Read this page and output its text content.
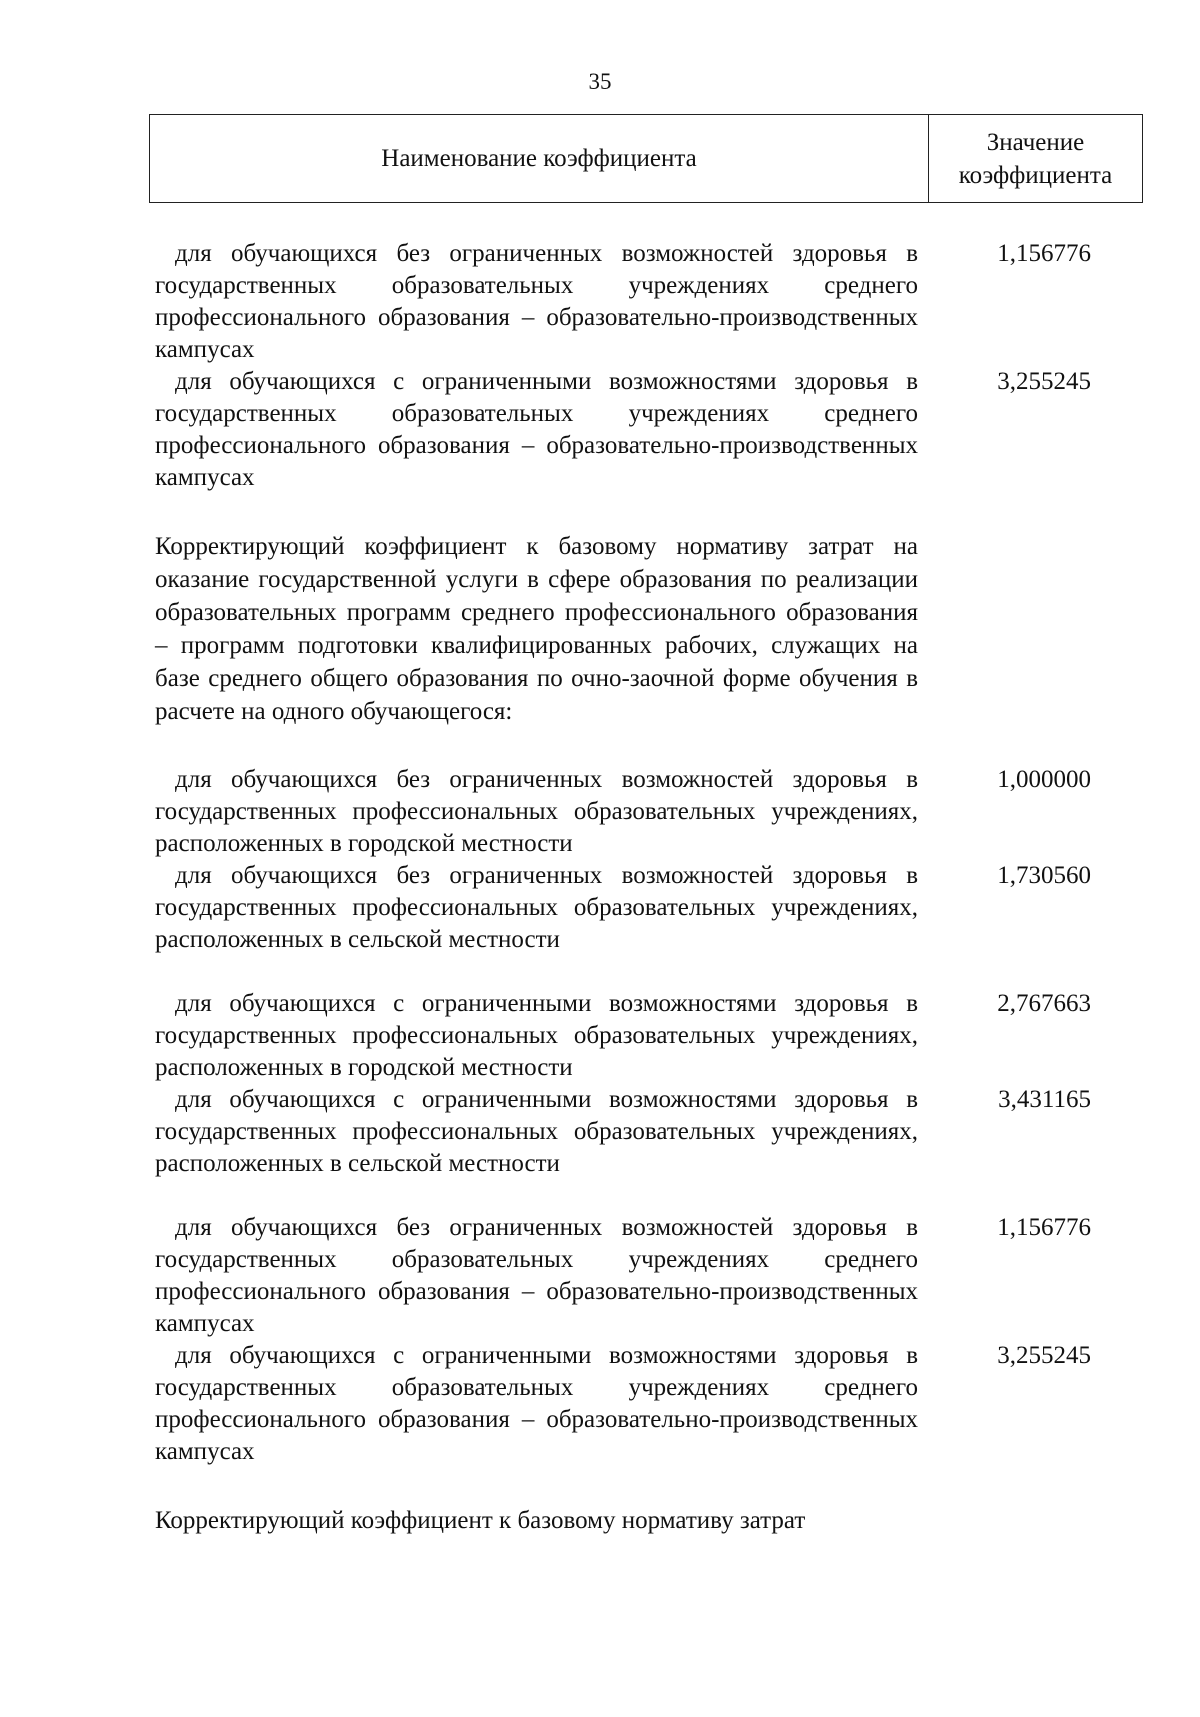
35
Наименование коэффициента
Значение коэффициента
для обучающихся без ограниченных возможностей здоровья в государственных образовательных учреждениях среднего профессионального образования – образовательно-производственных кампусах
1,156776
для обучающихся с ограниченными возможностями здоровья в государственных образовательных учреждениях среднего профессионального образования – образовательно-производственных кампусах
3,255245
Корректирующий коэффициент к базовому нормативу затрат на оказание государственной услуги в сфере образования по реализации образовательных программ среднего профессионального образования – программ подготовки квалифицированных рабочих, служащих на базе среднего общего образования по очно-заочной форме обучения в расчете на одного обучающегося:
для обучающихся без ограниченных возможностей здоровья в государственных профессиональных образовательных учреждениях, расположенных в городской местности
1,000000
для обучающихся без ограниченных возможностей здоровья в государственных профессиональных образовательных учреждениях, расположенных в сельской местности
1,730560
для обучающихся с ограниченными возможностями здоровья в государственных профессиональных образовательных учреждениях, расположенных в городской местности
2,767663
для обучающихся с ограниченными возможностями здоровья в государственных профессиональных образовательных учреждениях, расположенных в сельской местности
3,431165
для обучающихся без ограниченных возможностей здоровья в государственных образовательных учреждениях среднего профессионального образования – образовательно-производственных кампусах
1,156776
для обучающихся с ограниченными возможностями здоровья в государственных образовательных учреждениях среднего профессионального образования – образовательно-производственных кампусах
3,255245
Корректирующий коэффициент к базовому нормативу затрат
